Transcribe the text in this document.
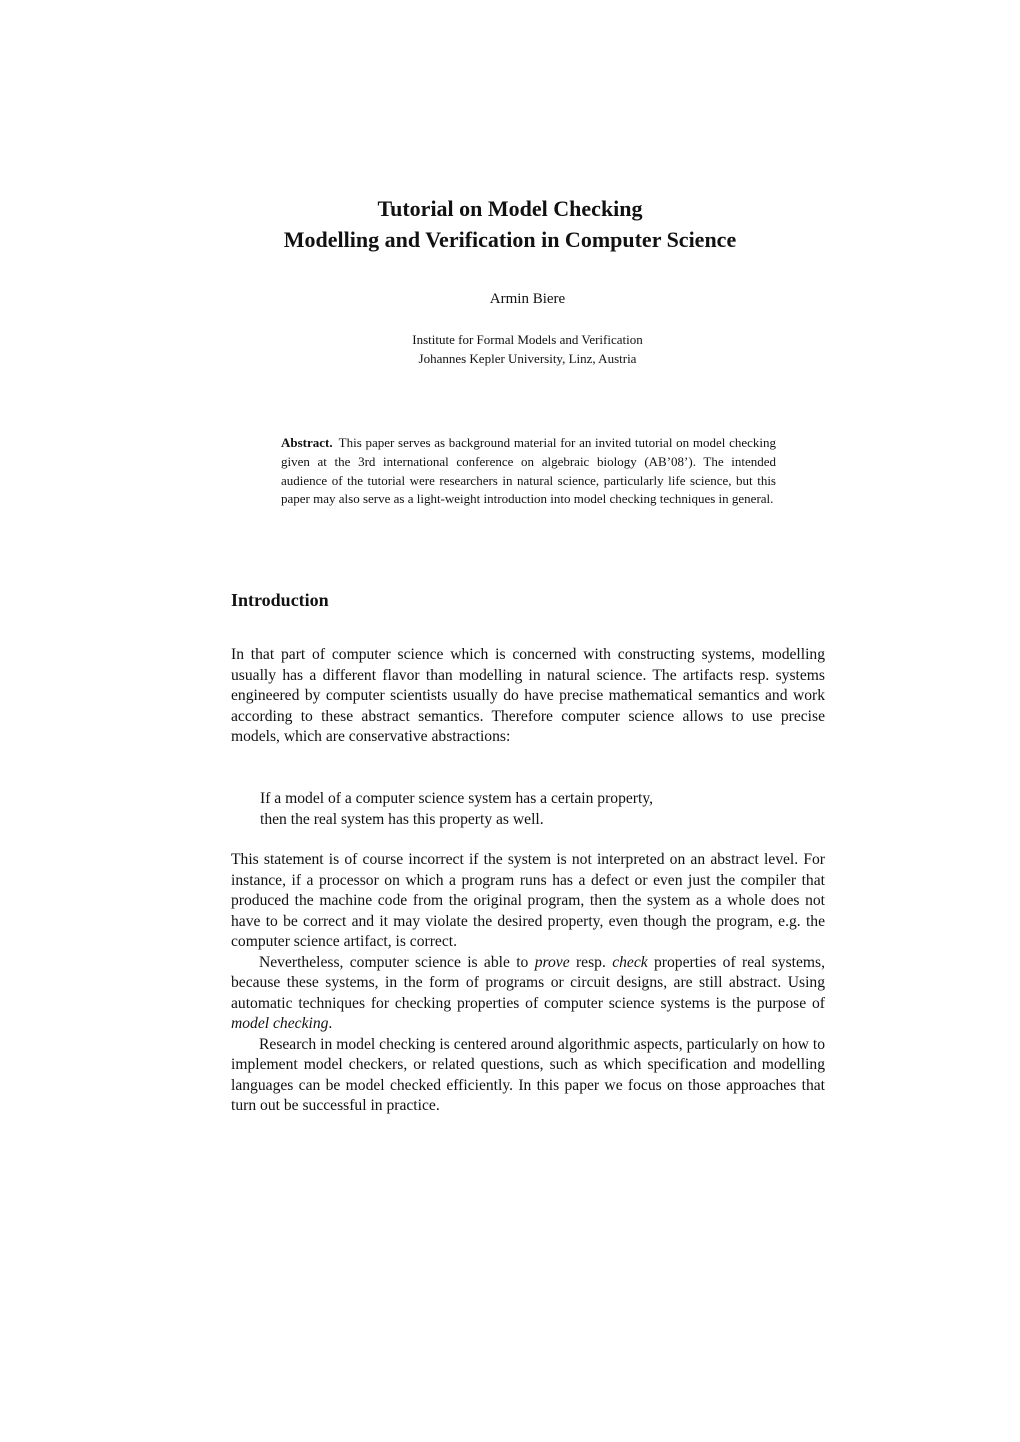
Tutorial on Model Checking
Modelling and Verification in Computer Science
Armin Biere
Institute for Formal Models and Verification
Johannes Kepler University, Linz, Austria
Abstract. This paper serves as background material for an invited tutorial on model checking given at the 3rd international conference on algebraic biology (AB’08’). The intended audience of the tutorial were researchers in natural science, particularly life science, but this paper may also serve as a light-weight introduction into model checking techniques in general.
Introduction

In that part of computer science which is concerned with constructing systems, modelling usually has a different flavor than modelling in natural science. The artifacts resp. systems engineered by computer scientists usually do have precise mathematical semantics and work according to these abstract semantics. Therefore computer science allows to use precise models, which are conservative abstractions:

If a model of a computer science system has a certain property,
then the real system has this property as well.

This statement is of course incorrect if the system is not interpreted on an abstract level. For instance, if a processor on which a program runs has a defect or even just the compiler that produced the machine code from the original program, then the system as a whole does not have to be correct and it may violate the desired property, even though the program, e.g. the computer science artifact, is correct.

Nevertheless, computer science is able to prove resp. check properties of real systems, because these systems, in the form of programs or circuit designs, are still abstract. Using automatic techniques for checking properties of computer science systems is the purpose of model checking.

Research in model checking is centered around algorithmic aspects, particularly on how to implement model checkers, or related questions, such as which specification and modelling languages can be model checked efficiently. In this paper we focus on those approaches that turn out be successful in practice.
